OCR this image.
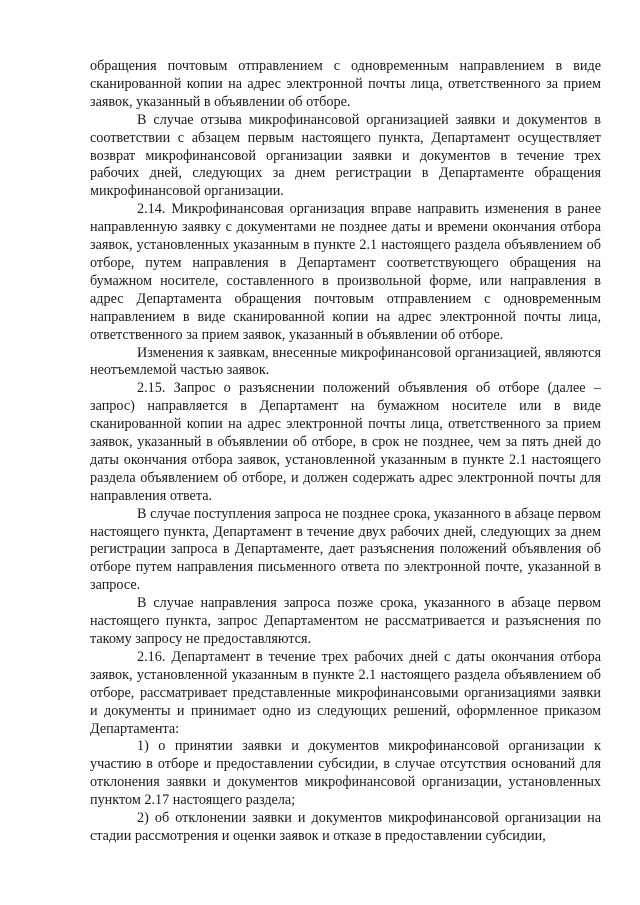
обращения почтовым отправлением с одновременным направлением в виде сканированной копии на адрес электронной почты лица, ответственного за прием заявок, указанный в объявлении об отборе.

В случае отзыва микрофинансовой организацией заявки и документов в соответствии с абзацем первым настоящего пункта, Департамент осуществляет возврат микрофинансовой организации заявки и документов в течение трех рабочих дней, следующих за днем регистрации в Департаменте обращения микрофинансовой организации.

2.14. Микрофинансовая организация вправе направить изменения в ранее направленную заявку с документами не позднее даты и времени окончания отбора заявок, установленных указанным в пункте 2.1 настоящего раздела объявлением об отборе, путем направления в Департамент соответствующего обращения на бумажном носителе, составленного в произвольной форме, или направления в адрес Департамента обращения почтовым отправлением с одновременным направлением в виде сканированной копии на адрес электронной почты лица, ответственного за прием заявок, указанный в объявлении об отборе.

Изменения к заявкам, внесенные микрофинансовой организацией, являются неотъемлемой частью заявок.

2.15. Запрос о разъяснении положений объявления об отборе (далее – запрос) направляется в Департамент на бумажном носителе или в виде сканированной копии на адрес электронной почты лица, ответственного за прием заявок, указанный в объявлении об отборе, в срок не позднее, чем за пять дней до даты окончания отбора заявок, установленной указанным в пункте 2.1 настоящего раздела объявлением об отборе, и должен содержать адрес электронной почты для направления ответа.

В случае поступления запроса не позднее срока, указанного в абзаце первом настоящего пункта, Департамент в течение двух рабочих дней, следующих за днем регистрации запроса в Департаменте, дает разъяснения положений объявления об отборе путем направления письменного ответа по электронной почте, указанной в запросе.

В случае направления запроса позже срока, указанного в абзаце первом настоящего пункта, запрос Департаментом не рассматривается и разъяснения по такому запросу не предоставляются.

2.16. Департамент в течение трех рабочих дней с даты окончания отбора заявок, установленной указанным в пункте 2.1 настоящего раздела объявлением об отборе, рассматривает представленные микрофинансовыми организациями заявки и документы и принимает одно из следующих решений, оформленное приказом Департамента:

1) о принятии заявки и документов микрофинансовой организации к участию в отборе и предоставлении субсидии, в случае отсутствия оснований для отклонения заявки и документов микрофинансовой организации, установленных пунктом 2.17 настоящего раздела;

2) об отклонении заявки и документов микрофинансовой организации на стадии рассмотрения и оценки заявок и отказе в предоставлении субсидии,
